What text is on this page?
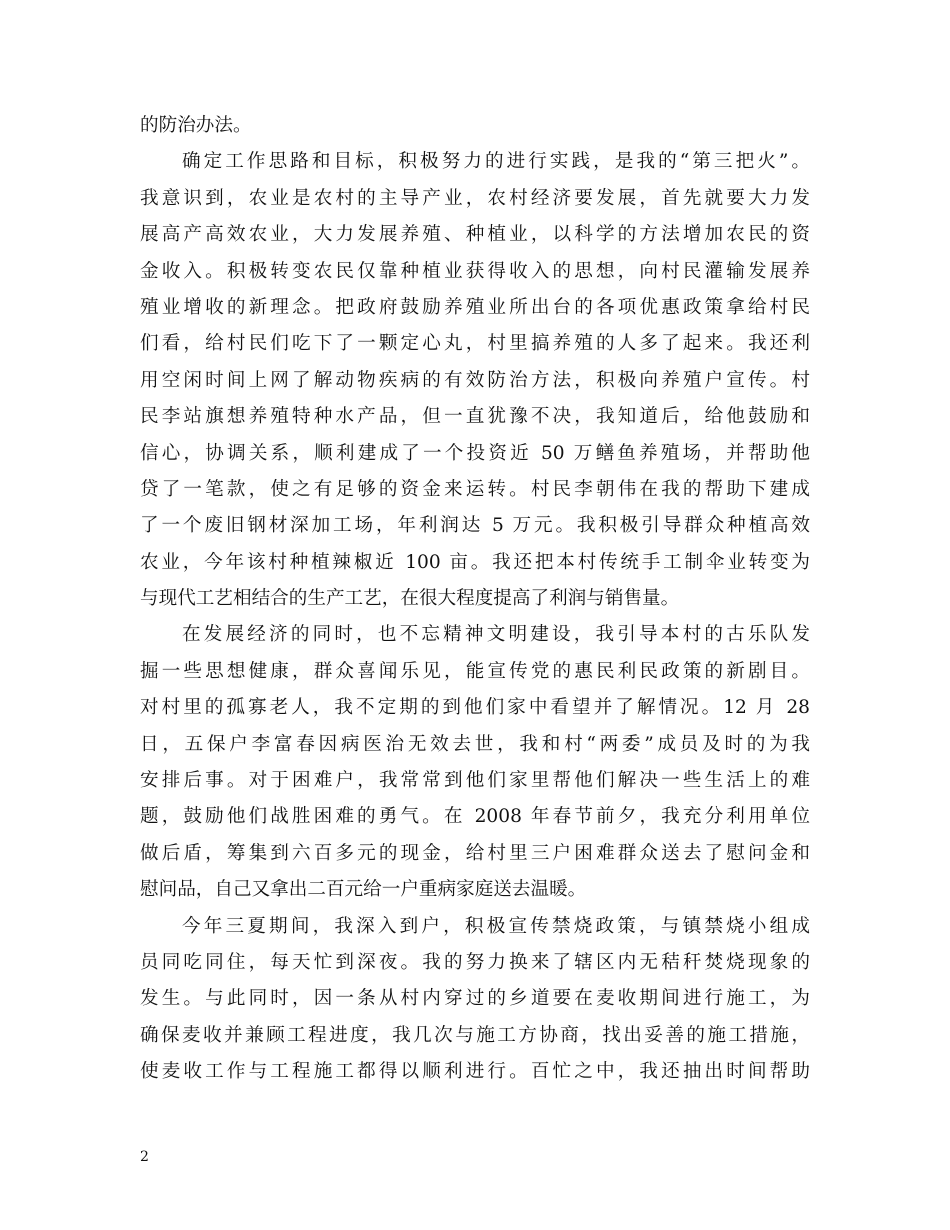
的防治办法。
确定工作思路和目标，积极努力的进行实践，是我的“第三把火”。
我意识到，农业是农村的主导产业，农村经济要发展，首先就要大力发
展高产高效农业，大力发展养殖、种植业，以科学的方法增加农民的资
金收入。积极转变农民仅靠种植业获得收入的思想，向村民灌输发展养
殖业增收的新理念。把政府鼓励养殖业所出台的各项优惠政策拿给村民
们看，给村民们吃下了一颗定心丸，村里搞养殖的人多了起来。我还利
用空闲时间上网了解动物疾病的有效防治方法，积极向养殖户宣传。村
民李站旗想养殖特种水产品，但一直犹豫不决，我知道后，给他鼓励和
信心，协调关系，顺利建成了一个投资近 50 万鳝鱼养殖场，并帮助他
贷了一笔款，使之有足够的资金来运转。村民李朝伟在我的帮助下建成
了一个废旧钢材深加工场，年利润达 5 万元。我积极引导群众种植高效
农业，今年该村种植辣椒近 100 亩。我还把本村传统手工制伞业转变为
与现代工艺相结合的生产工艺，在很大程度提高了利润与销售量。
在发展经济的同时，也不忘精神文明建设，我引导本村的古乐队发
掘一些思想健康，群众喜闻乐见，能宣传党的惠民利民政策的新剧目。
对村里的孤寡老人，我不定期的到他们家中看望并了解情况。12 月 28
日，五保户李富春因病医治无效去世，我和村“两委”成员及时的为我
安排后事。对于困难户，我常常到他们家里帮他们解决一些生活上的难
题，鼓励他们战胜困难的勇气。在 2008 年春节前夕，我充分利用单位
做后盾，筹集到六百多元的现金，给村里三户困难群众送去了慰问金和
慰问品，自己又拿出二百元给一户重病家庭送去温暖。
今年三夏期间，我深入到户，积极宣传禁烧政策，与镇禁烧小组成
员同吃同住，每天忙到深夜。我的努力换来了辖区内无秸秆焚烧现象的
发生。与此同时，因一条从村内穿过的乡道要在麦收期间进行施工，为
确保麦收并兼顾工程进度，我几次与施工方协商，找出妥善的施工措施，
使麦收工作与工程施工都得以顺利进行。百忙之中，我还抽出时间帮助
2
